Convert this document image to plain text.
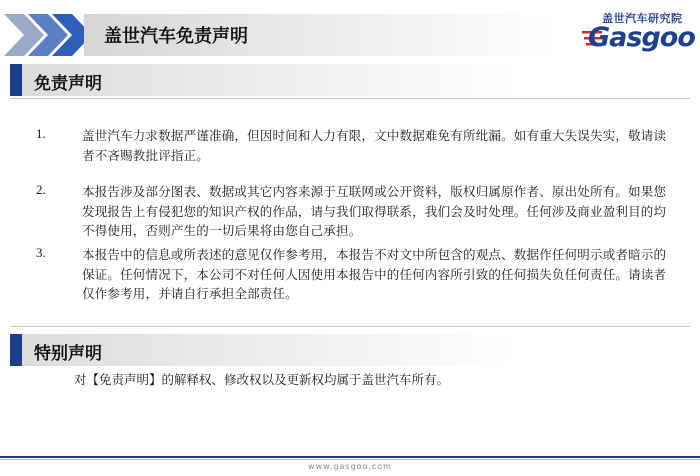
盖世汽车免责声明
盖世汽车研究院
Gasgoo
免责声明
1.	盖世汽车力求数据严谨准确，但因时间和人力有限，文中数据难免有所纰漏。如有重大失误失实，敬请读者不吝赐教批评指正。
2.	本报告涉及部分图表、数据或其它内容来源于互联网或公开资料，版权归属原作者、原出处所有。如果您发现报告上有侵犯您的知识产权的作品，请与我们取得联系，我们会及时处理。任何涉及商业盈利目的均不得使用，否则产生的一切后果将由您自己承担。
3.	本报告中的信息或所表述的意见仅作参考用，本报告不对文中所包含的观点、数据作任何明示或者暗示的保证。任何情况下，本公司不对任何人因使用本报告中的任何内容所引致的任何损失负任何责任。请读者仅作参考用，并请自行承担全部责任。
特别声明
对【免责声明】的解释权、修改权以及更新权均属于盖世汽车所有。
www.gasgoo.com
